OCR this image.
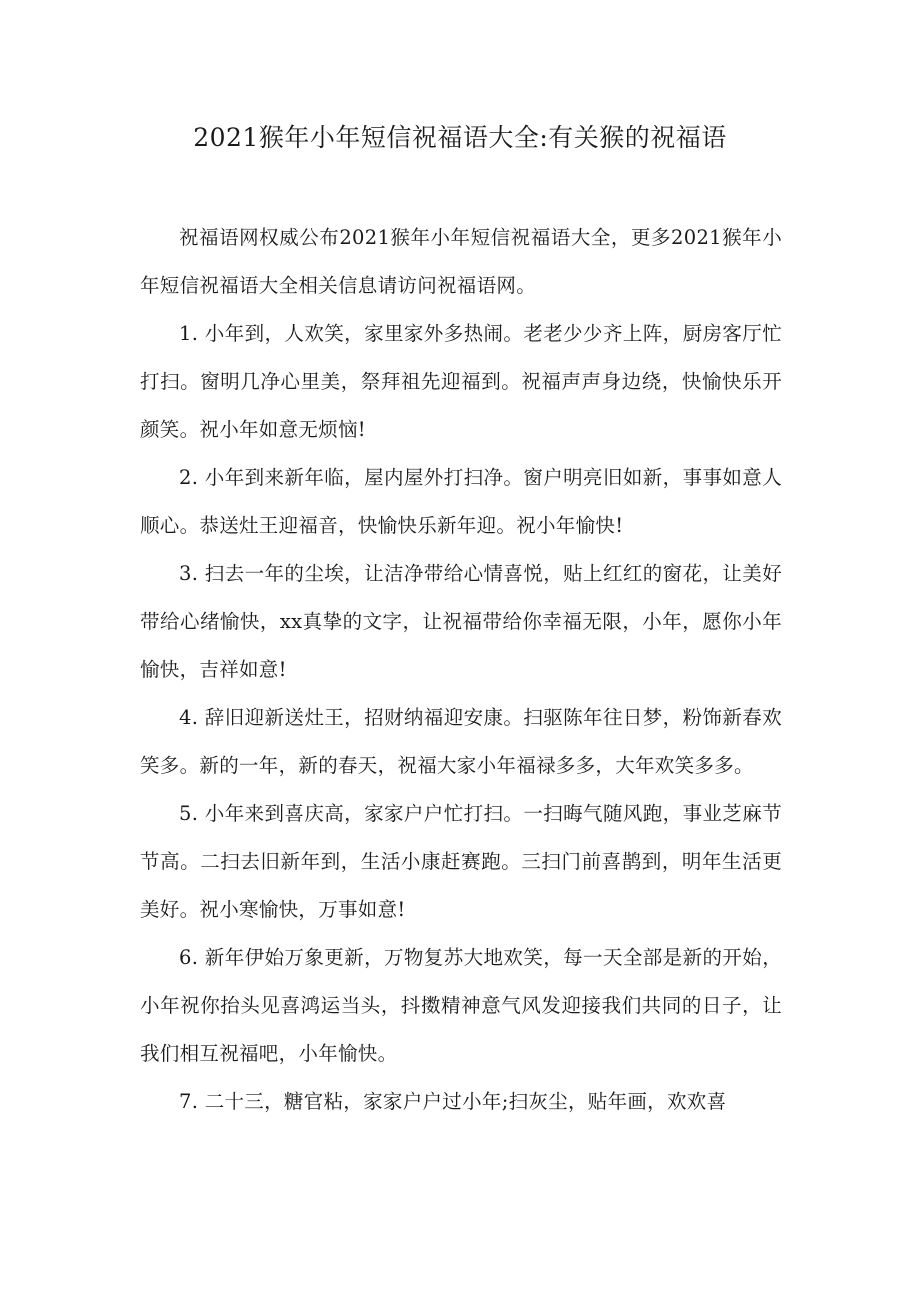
2021猴年小年短信祝福语大全:有关猴的祝福语

祝福语网权威公布2021猴年小年短信祝福语大全，更多2021猴年小年短信祝福语大全相关信息请访问祝福语网。

1. 小年到，人欢笑，家里家外多热闹。老老少少齐上阵，厨房客厅忙打扫。窗明几净心里美，祭拜祖先迎福到。祝福声声身边绕，快愉快乐开颜笑。祝小年如意无烦恼!

2. 小年到来新年临，屋内屋外打扫净。窗户明亮旧如新，事事如意人顺心。恭送灶王迎福音，快愉快乐新年迎。祝小年愉快!

3. 扫去一年的尘埃，让洁净带给心情喜悦，贴上红红的窗花，让美好带给心绪愉快，xx真挚的文字，让祝福带给你幸福无限，小年，愿你小年愉快，吉祥如意!

4. 辞旧迎新送灶王，招财纳福迎安康。扫驱陈年往日梦，粉饰新春欢笑多。新的一年，新的春天，祝福大家小年福禄多多，大年欢笑多多。

5. 小年来到喜庆高，家家户户忙打扫。一扫晦气随风跑，事业芝麻节节高。二扫去旧新年到，生活小康赶赛跑。三扫门前喜鹊到，明年生活更美好。祝小寒愉快，万事如意!

6. 新年伊始万象更新，万物复苏大地欢笑，每一天全部是新的开始，小年祝你抬头见喜鸿运当头，抖擞精神意气风发迎接我们共同的日子，让我们相互祝福吧，小年愉快。

7. 二十三，糖官粘，家家户户过小年;扫灰尘，贴年画，欢欢喜
